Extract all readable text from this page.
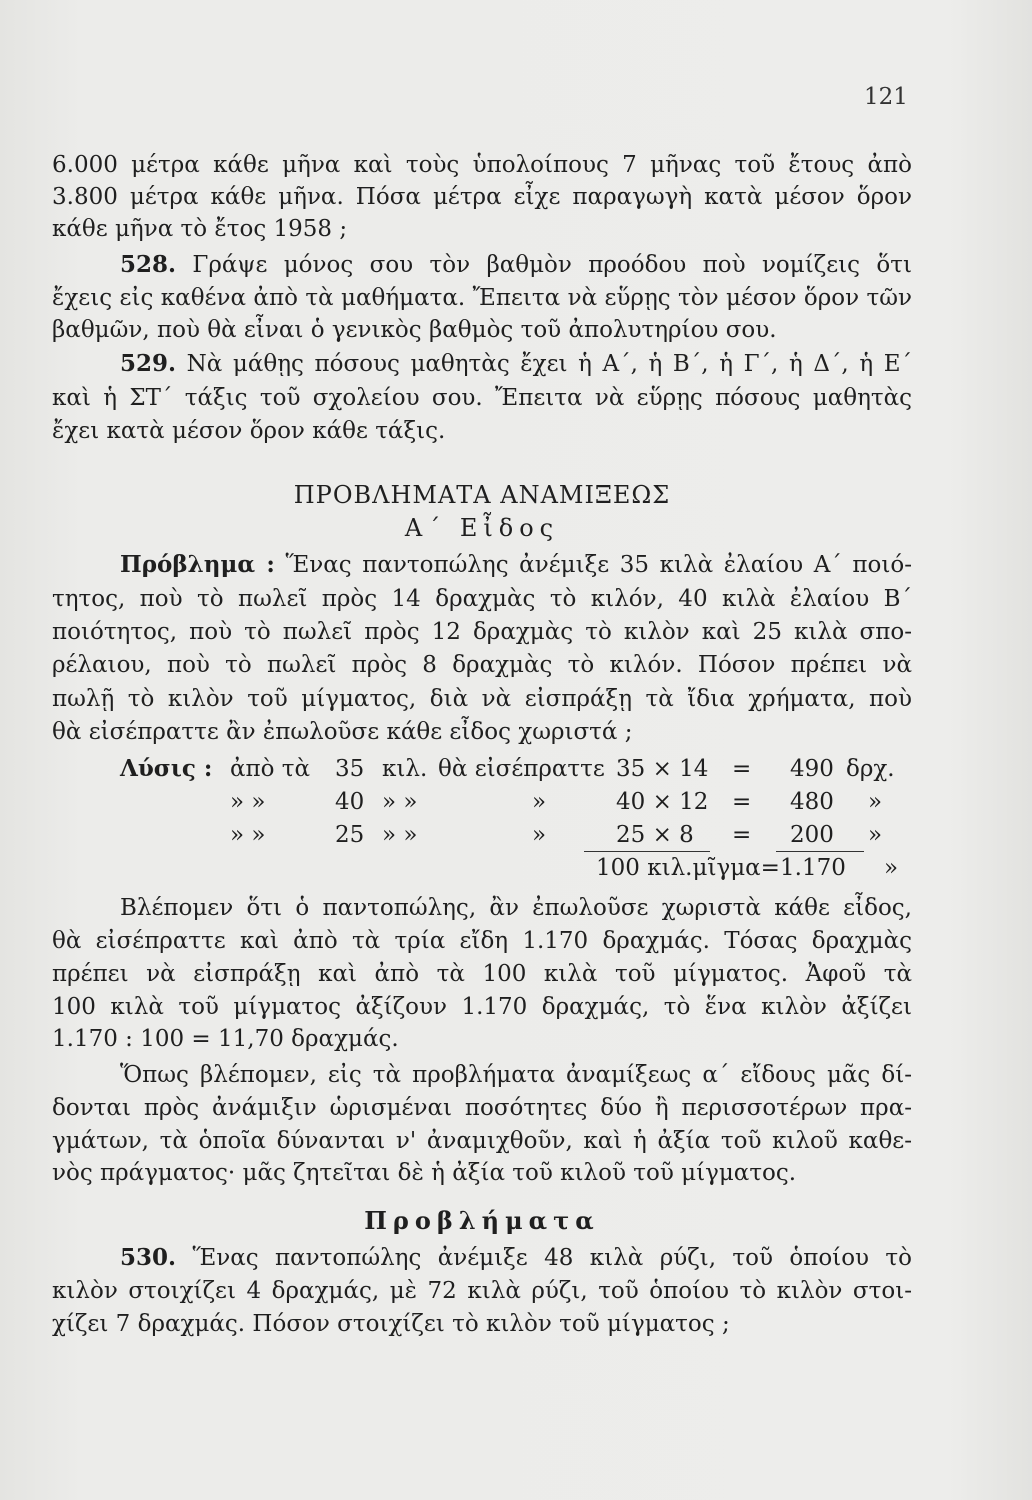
121
6.000 μέτρα κάθε μῆνα καὶ τοὺς ὑπολοίπους 7 μῆνας τοῦ ἔτους ἀπὸ
3.800 μέτρα κάθε μῆνα. Πόσα μέτρα εἶχε παραγωγὴ κατὰ μέσον ὅρον
κάθε μῆνα τὸ ἔτος 1958 ;
528. Γράψε μόνος σου τὸν βαθμὸν προόδου ποὺ νομίζεις ὅτι
ἔχεις εἰς καθένα ἀπὸ τὰ μαθήματα. Ἔπειτα νὰ εὕρῃς τὸν μέσον ὅρον τῶν
βαθμῶν, ποὺ θὰ εἶναι ὁ γενικὸς βαθμὸς τοῦ ἀπολυτηρίου σου.
529. Νὰ μάθῃς πόσους μαθητὰς ἔχει ἡ Α΄, ἡ Β΄, ἡ Γ΄, ἡ Δ΄, ἡ Ε΄
καὶ ἡ ΣΤ΄ τάξις τοῦ σχολείου σου. Ἔπειτα νὰ εὕρῃς πόσους μαθητὰς
ἔχει κατὰ μέσον ὅρον κάθε τάξις.
ΠΡΟΒΛΗΜΑΤΑ ΑΝΑΜΙΞΕΩΣ
Α΄ Εἶδος
Πρόβλημα : Ἕνας παντοπώλης ἀνέμιξε 35 κιλὰ ἐλαίου Α΄ ποιό-
τητος, ποὺ τὸ πωλεῖ πρὸς 14 δραχμὰς τὸ κιλόν, 40 κιλὰ ἐλαίου Β΄
ποιότητος, ποὺ τὸ πωλεῖ πρὸς 12 δραχμὰς τὸ κιλὸν καὶ 25 κιλὰ σπο-
ρέλαιου, ποὺ τὸ πωλεῖ πρὸς 8 δραχμὰς τὸ κιλόν. Πόσον πρέπει νὰ
πωλῇ τὸ κιλὸν τοῦ μίγματος, διὰ νὰ εἰσπράξῃ τὰ ἴδια χρήματα, ποὺ
θὰ εἰσέπραττε ἂν ἐπωλοῦσε κάθε εἶδος χωριστά ;
Λύσις : ἀπὸ τὰ 35 κιλ. θὰ εἰσέπραττε 35 × 14 = 490 δρχ.
» »	40 » »	»	40 × 12 = 480 »
» »	25 » »	»	25 × 8 = 200 »
100 κιλ.μῖγμα= 1.170 »
Βλέπομεν ὅτι ὁ παντοπώλης, ἂν ἐπωλοῦσε χωριστὰ κάθε εἶδος,
θὰ εἰσέπραττε καὶ ἀπὸ τὰ τρία εἴδη 1.170 δραχμάς. Τόσας δραχμὰς
πρέπει νὰ εἰσπράξῃ καὶ ἀπὸ τὰ 100 κιλὰ τοῦ μίγματος. Ἀφοῦ τὰ
100 κιλὰ τοῦ μίγματος ἀξίζουν 1.170 δραχμάς, τὸ ἕνα κιλὸν ἀξίζει
1.170 : 100 = 11,70 δραχμάς.
Ὅπως βλέπομεν, εἰς τὰ προβλήματα ἀναμίξεως α΄ εἴδους μᾶς δί-
δονται πρὸς ἀνάμιξιν ὡρισμέναι ποσότητες δύο ἢ περισσοτέρων πρα-
γμάτων, τὰ ὁποῖα δύνανται ν' ἀναμιχθοῦν, καὶ ἡ ἀξία τοῦ κιλοῦ καθε-
νὸς πράγματος· μᾶς ζητεῖται δὲ ἡ ἀξία τοῦ κιλοῦ τοῦ μίγματος.
Προβλήματα
530. Ἕνας παντοπώλης ἀνέμιξε 48 κιλὰ ρύζι, τοῦ ὁποίου τὸ
κιλὸν στοιχίζει 4 δραχμάς, μὲ 72 κιλὰ ρύζι, τοῦ ὁποίου τὸ κιλὸν στοι-
χίζει 7 δραχμάς. Πόσον στοιχίζει τὸ κιλὸν τοῦ μίγματος ;
